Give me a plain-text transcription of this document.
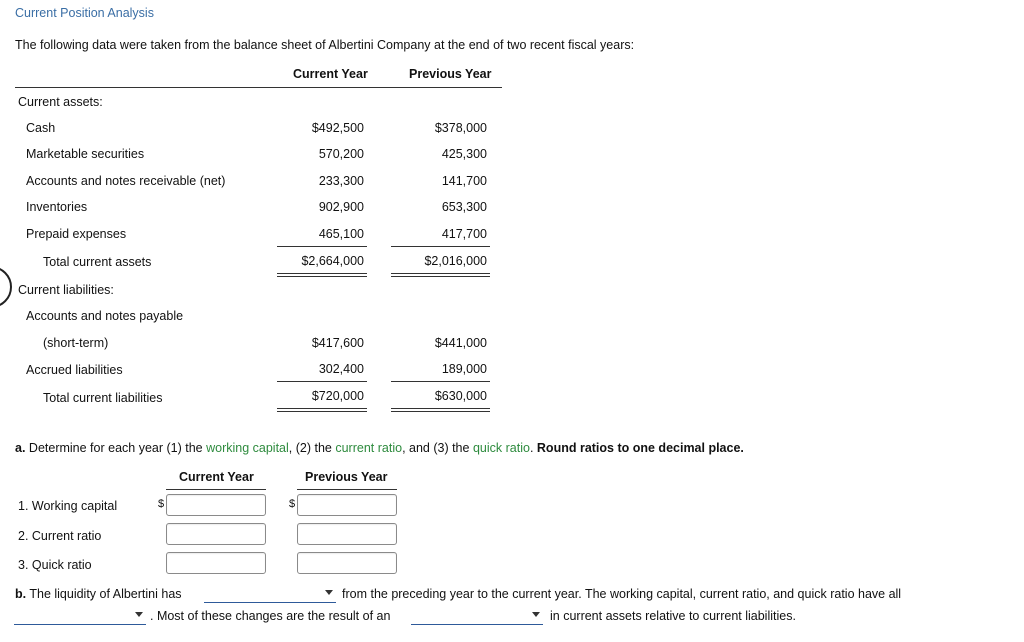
Current Position Analysis
The following data were taken from the balance sheet of Albertini Company at the end of two recent fiscal years:
Current Year	Previous Year
Current assets:
Cash	$492,500	$378,000
Marketable securities	570,200	425,300
Accounts and notes receivable (net)	233,300	141,700
Inventories	902,900	653,300
Prepaid expenses	465,100	417,700
Total current assets	$2,664,000	$2,016,000
Current liabilities:
Accounts and notes payable
(short-term)	$417,600	$441,000
Accrued liabilities	302,400	189,000
Total current liabilities	$720,000	$630,000
a. Determine for each year (1) the working capital, (2) the current ratio, and (3) the quick ratio. Round ratios to one decimal place.
Current Year	Previous Year
1. Working capital	$	$
2. Current ratio
3. Quick ratio
b. The liquidity of Albertini has	from the preceding year to the current year. The working capital, current ratio, and quick ratio have all
. Most of these changes are the result of an	in current assets relative to current liabilities.
